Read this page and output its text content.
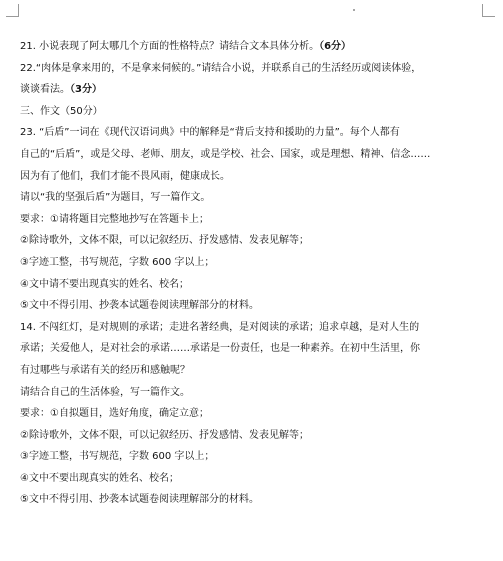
21. 小说表现了阿太哪几个方面的性格特点？请结合文本具体分析。（6分）
22.“肉体是拿来用的，不是拿来伺候的。”请结合小说，并联系自己的生活经历或阅读体验，
谈谈看法。（3分）
三、作文（50分）
23. “后盾”一词在《现代汉语词典》中的解释是“背后支持和援助的力量”。每个人都有
自己的“后盾”，或是父母、老师、朋友，或是学校、社会、国家，或是理想、精神、信念……
因为有了他们，我们才能不畏风雨，健康成长。
请以“我的坚强后盾”为题目，写一篇作文。
要求：①请将题目完整地抄写在答题卡上；
②除诗歌外，文体不限，可以记叙经历、抒发感情、发表见解等；
③字迹工整，书写规范，字数 600 字以上；
④文中请不要出现真实的姓名、校名；
⑤文中不得引用、抄袭本试题卷阅读理解部分的材料。
14. 不闯红灯，是对规则的承诺；走进名著经典，是对阅读的承诺；追求卓越，是对人生的
承诺；关爱他人，是对社会的承诺……承诺是一份责任，也是一种素养。在初中生活里，你
有过哪些与承诺有关的经历和感触呢？
请结合自己的生活体验，写一篇作文。
要求：①自拟题目，选好角度，确定立意；
②除诗歌外，文体不限，可以记叙经历、抒发感情、发表见解等；
③字迹工整，书写规范，字数 600 字以上；
④文中不要出现真实的姓名、校名；
⑤文中不得引用、抄袭本试题卷阅读理解部分的材料。
